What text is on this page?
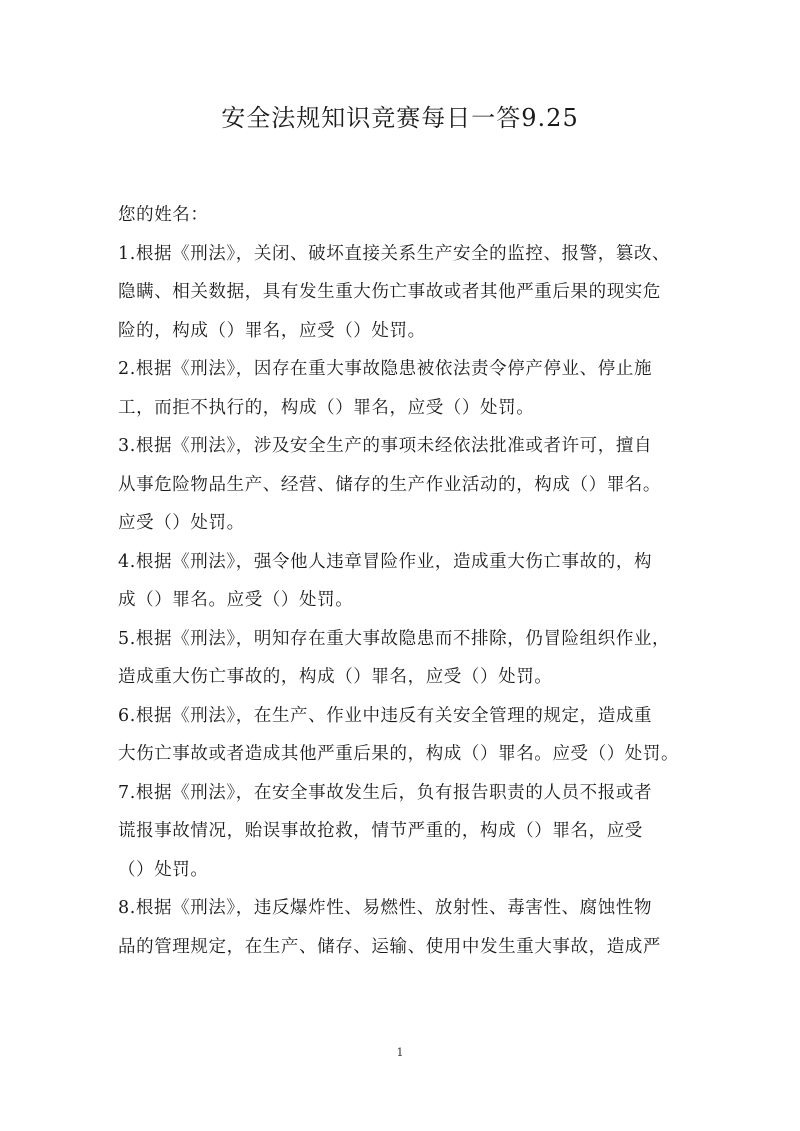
安全法规知识竞赛每日一答9.25
您的姓名：
1.根据《刑法》，关闭、破坏直接关系生产安全的监控、报警，篡改、
隐瞒、相关数据，具有发生重大伤亡事故或者其他严重后果的现实危
险的，构成（）罪名，应受（）处罚。
2.根据《刑法》，因存在重大事故隐患被依法责令停产停业、停止施
工，而拒不执行的，构成（）罪名，应受（）处罚。
3.根据《刑法》，涉及安全生产的事项未经依法批准或者许可，擅自
从事危险物品生产、经营、储存的生产作业活动的，构成（）罪名。
应受（）处罚。
4.根据《刑法》，强令他人违章冒险作业，造成重大伤亡事故的，构
成（）罪名。应受（）处罚。
5.根据《刑法》，明知存在重大事故隐患而不排除，仍冒险组织作业，
造成重大伤亡事故的，构成（）罪名，应受（）处罚。
6.根据《刑法》，在生产、作业中违反有关安全管理的规定，造成重
大伤亡事故或者造成其他严重后果的，构成（）罪名。应受（）处罚。
7.根据《刑法》，在安全事故发生后，负有报告职责的人员不报或者
谎报事故情况，贻误事故抢救，情节严重的，构成（）罪名，应受
（）处罚。
8.根据《刑法》，违反爆炸性、易燃性、放射性、毒害性、腐蚀性物
品的管理规定，在生产、储存、运输、使用中发生重大事故，造成严
1
